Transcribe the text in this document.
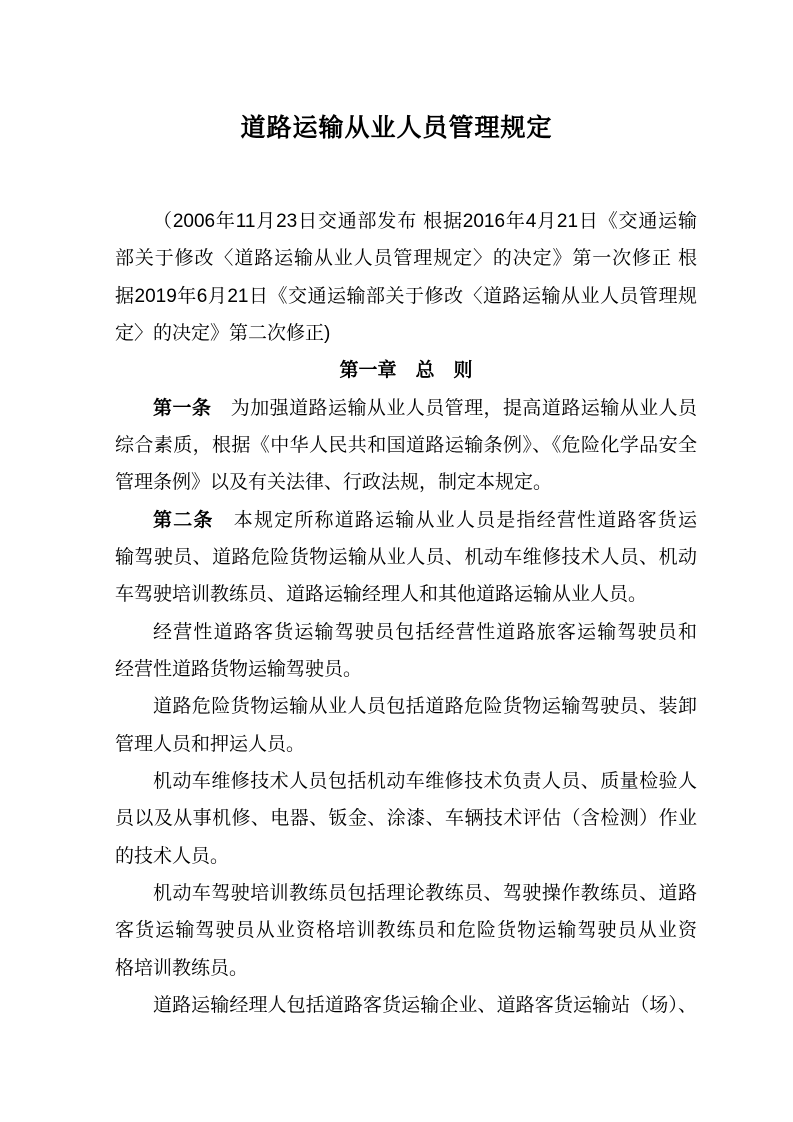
道路运输从业人员管理规定

（2006年11月23日交通部发布 根据2016年4月21日《交通运输

部关于修改〈道路运输从业人员管理规定〉的决定》第一次修正 根

据2019年6月21日《交通运输部关于修改〈道路运输从业人员管理规

定〉的决定》第二次修正)

第一章　总　则

第一条　为加强道路运输从业人员管理，提高道路运输从业人员

综合素质，根据《中华人民共和国道路运输条例》、《危险化学品安全

管理条例》以及有关法律、行政法规，制定本规定。

第二条　本规定所称道路运输从业人员是指经营性道路客货运

输驾驶员、道路危险货物运输从业人员、机动车维修技术人员、机动

车驾驶培训教练员、道路运输经理人和其他道路运输从业人员。

经营性道路客货运输驾驶员包括经营性道路旅客运输驾驶员和

经营性道路货物运输驾驶员。

道路危险货物运输从业人员包括道路危险货物运输驾驶员、装卸

管理人员和押运人员。

机动车维修技术人员包括机动车维修技术负责人员、质量检验人

员以及从事机修、电器、钣金、涂漆、车辆技术评估（含检测）作业

的技术人员。

机动车驾驶培训教练员包括理论教练员、驾驶操作教练员、道路

客货运输驾驶员从业资格培训教练员和危险货物运输驾驶员从业资

格培训教练员。

道路运输经理人包括道路客货运输企业、道路客货运输站（场）、
